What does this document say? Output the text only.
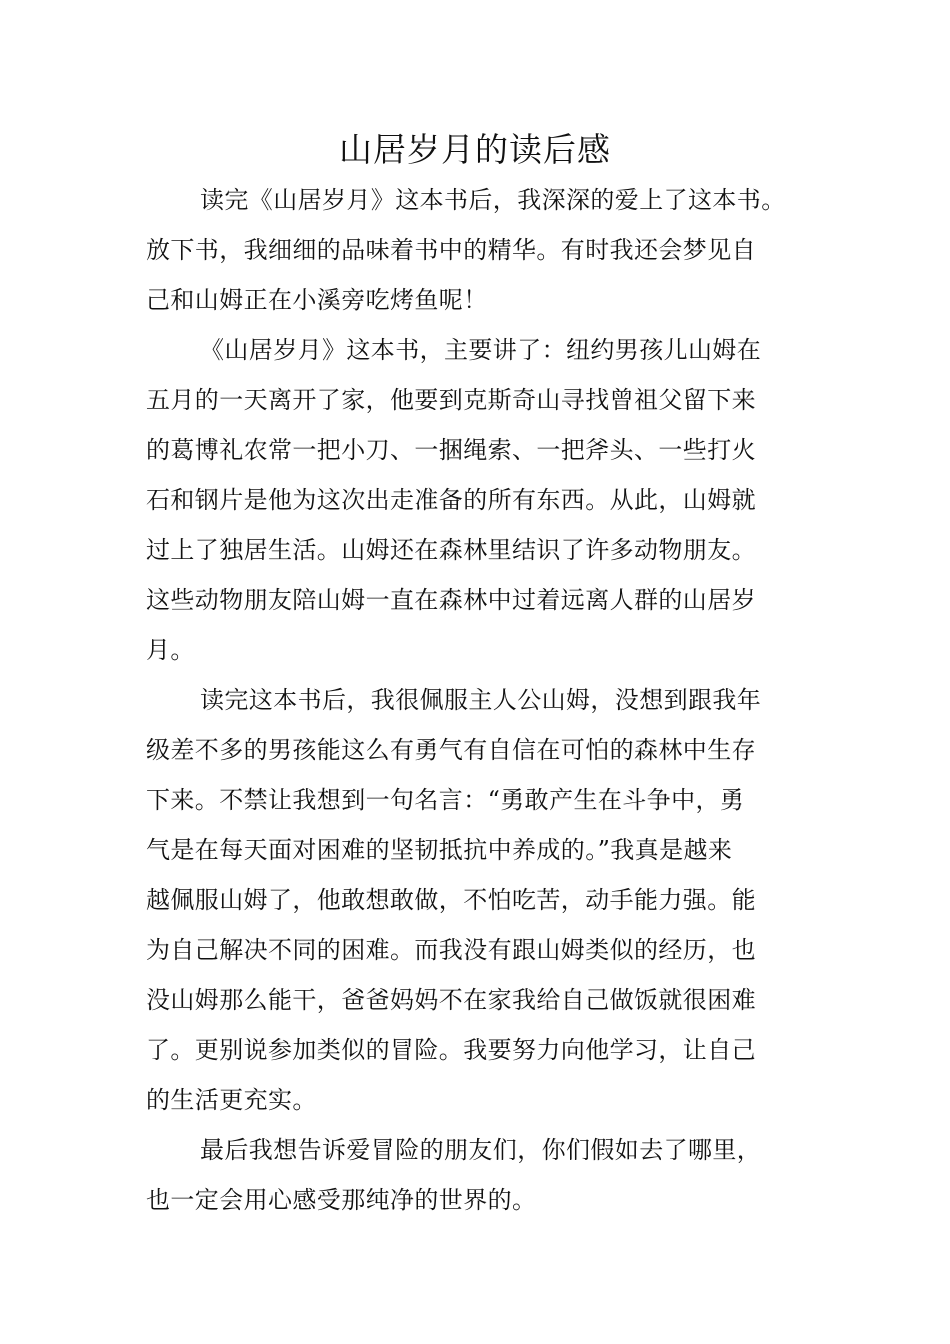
山居岁月的读后感

读完《山居岁月》这本书后，我深深的爱上了这本书。

放下书，我细细的品味着书中的精华。有时我还会梦见自

己和山姆正在小溪旁吃烤鱼呢！

《山居岁月》这本书，主要讲了：纽约男孩儿山姆在

五月的一天离开了家，他要到克斯奇山寻找曾祖父留下来

的葛博礼农常一把小刀、一捆绳索、一把斧头、一些打火

石和钢片是他为这次出走准备的所有东西。从此，山姆就

过上了独居生活。山姆还在森林里结识了许多动物朋友。

这些动物朋友陪山姆一直在森林中过着远离人群的山居岁

月。

读完这本书后，我很佩服主人公山姆，没想到跟我年

级差不多的男孩能这么有勇气有自信在可怕的森林中生存

下来。不禁让我想到一句名言：“勇敢产生在斗争中，勇

气是在每天面对困难的坚韧抵抗中养成的。”我真是越来

越佩服山姆了，他敢想敢做，不怕吃苦，动手能力强。能

为自己解决不同的困难。而我没有跟山姆类似的经历，也

没山姆那么能干，爸爸妈妈不在家我给自己做饭就很困难

了。更别说参加类似的冒险。我要努力向他学习，让自己

的生活更充实。

最后我想告诉爱冒险的朋友们，你们假如去了哪里，

也一定会用心感受那纯净的世界的。
